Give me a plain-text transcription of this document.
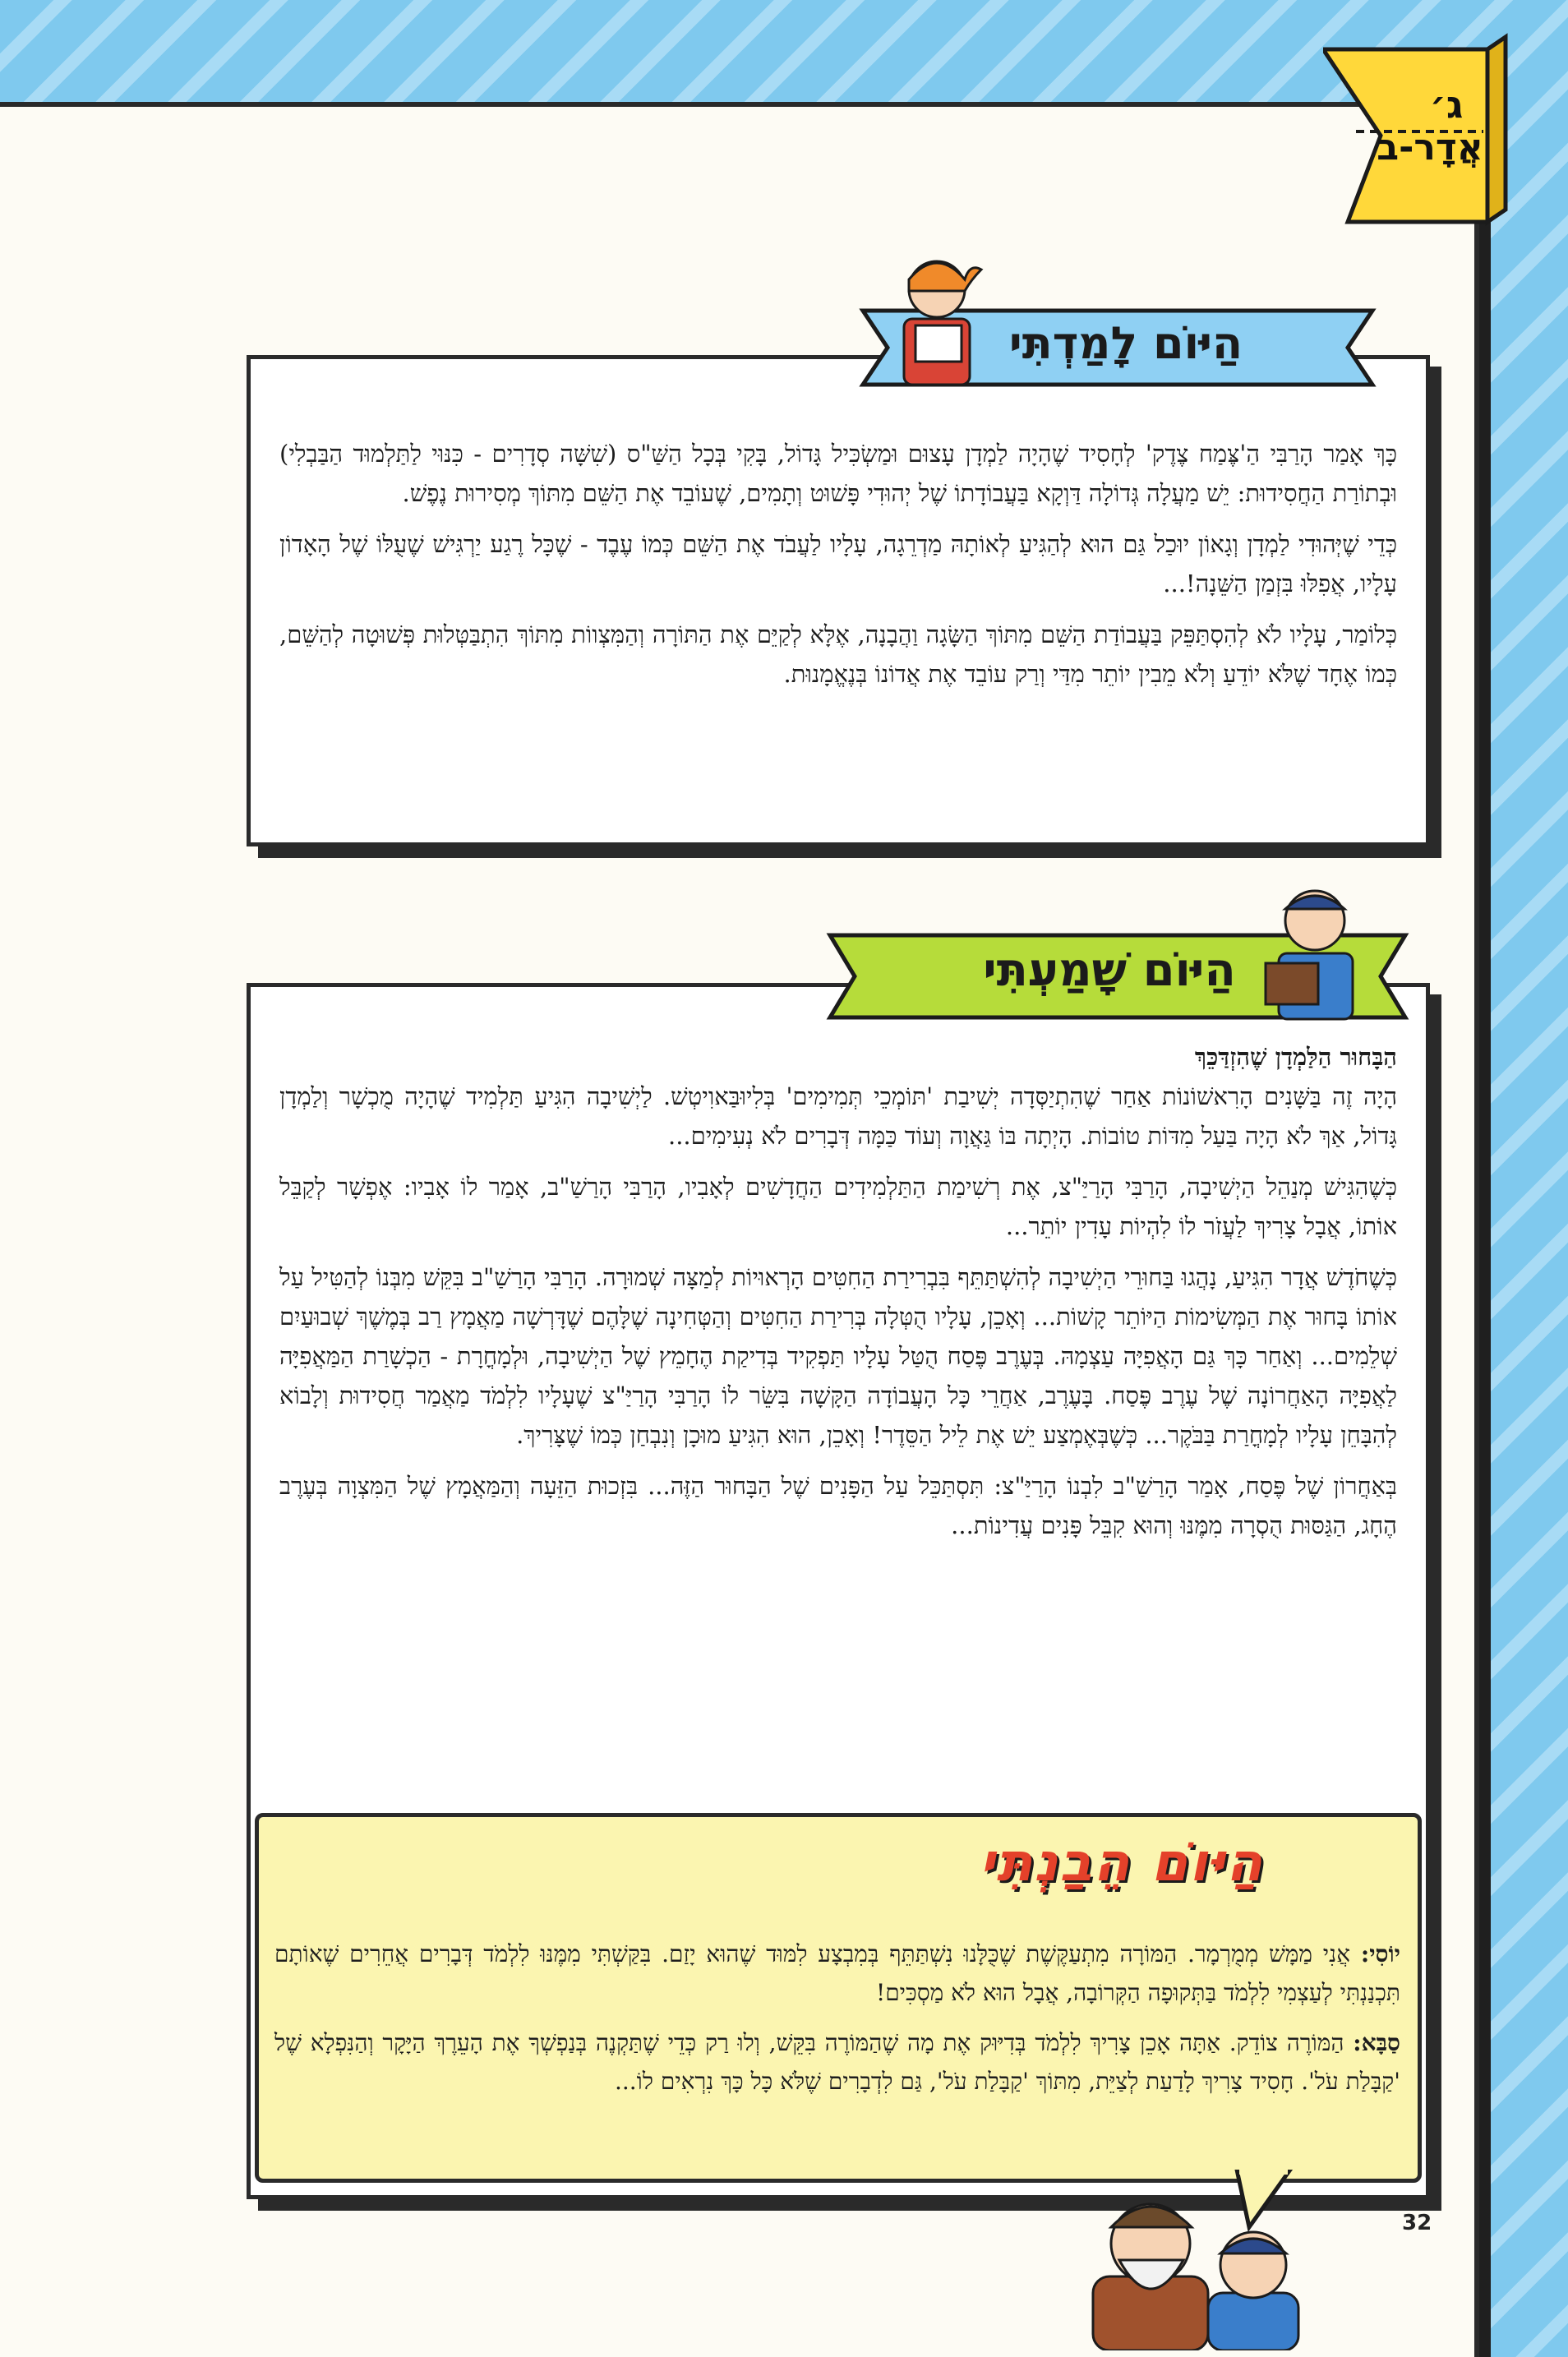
ג׳
אֲדָר-ב
הַיּוֹם לָמַדְתִּי

כָּךְ אָמַר הָרַבִּי הַ'צֶּמַח צֶדֶק' לְחָסִיד שֶׁהָיָה לַמְדָן עָצוּם וּמַשְׂכִּיל גָּדוֹל, בָּקִי בְּכָל הַשַּׁ"ס (שִׁשָּׁה סְדָרִים - כִּנּוּי לַתַּלְמוּד הַבַּבְלִי) וּבְתוֹרַת הַחֲסִידוּת: יֵשׁ מַעֲלָה גְּדוֹלָה דַּוְקָא בַּעֲבוֹדָתוֹ שֶׁל יְהוּדִי פָּשׁוּט וְתָמִים, שֶׁעוֹבֵד אֶת הַשֵּׁם מִתּוֹךְ מְסִירוּת נֶפֶשׁ.

כְּדֵי שֶׁיְּהוּדִי לַמְדָן וְגָאוֹן יוּכַל גַּם הוּא לְהַגִּיעַ לְאוֹתָהּ מַדְרֵגָה, עָלָיו לַעֲבֹד אֶת הַשֵּׁם כְּמוֹ עֶבֶד - שֶׁכָּל רֶגַע יַרְגִּישׁ שֶׁעֻלּוֹ שֶׁל הָאָדוֹן עָלָיו, אֲפִלּוּ בִּזְמַן הַשֵּׁנָה!...

כְּלוֹמַר, עָלָיו לֹא לְהִסְתַּפֵּק בַּעֲבוֹדַת הַשֵּׁם מִתּוֹךְ הַשָּׂגָה וַהֲבָנָה, אֶלָּא לְקַיֵּם אֶת הַתּוֹרָה וְהַמִּצְווֹת מִתּוֹךְ הִתְבַּטְּלוּת פְּשׁוּטָה לְהַשֵּׁם, כְּמוֹ אֶחָד שֶׁלֹּא יוֹדֵעַ וְלֹא מֵבִין יוֹתֵר מִדַּי וְרַק עוֹבֵד אֶת אֲדוֹנוֹ בְּנֶאֱמָנוּת.

הַיּוֹם שָׁמַעְתִּי

הַבָּחוּר הַלַּמְדָן שֶׁהִזְדַּכֵּךְ

הָיָה זֶה בַּשָּׁנִים הָרִאשׁוֹנוֹת אַחַר שֶׁהִתְיַסְּדָה יְשִׁיבַת 'תּוֹמְכֵי תְּמִימִים' בְּלִיוּבַּאוִיטְשׁ. לַיְשִׁיבָה הִגִּיעַ תַּלְמִיד שֶׁהָיָה מֻכְשָׁר וְלַמְדָן גָּדוֹל, אַךְ לֹא הָיָה בַּעַל מִדּוֹת טוֹבוֹת. הָיְתָה בּוֹ גַּאֲוָה וְעוֹד כַּמָּה דְּבָרִים לֹא נְעִימִים...

כְּשֶׁהִגִּישׁ מְנַהֵל הַיְשִׁיבָה, הָרַבִּי הָרַיַּ"צ, אֶת רְשִׁימַת הַתַּלְמִידִים הַחֲדָשִׁים לְאָבִיו, הָרַבִּי הָרַשַׁ"ב, אָמַר לוֹ אָבִיו: אֶפְשָׁר לְקַבֵּל אוֹתוֹ, אֲבָל צָרִיךְ לַעֲזֹר לוֹ לִהְיוֹת עָדִין יוֹתֵר...

כְּשֶׁחֹדֶשׁ אֲדָר הִגִּיעַ, נָהֲגוּ בַּחוּרֵי הַיְשִׁיבָה לְהִשְׁתַּתֵּף בִּבְרִירַת הַחִטִּים הָרְאוּיוֹת לְמַצָּה שְׁמוּרָה. הָרַבִּי הָרַשַׁ"ב בִּקֵּשׁ מִבְּנוֹ לְהַטִּיל עַל אוֹתוֹ בָּחוּר אֶת הַמְּשִׂימוֹת הַיּוֹתֵר קָשׁוֹת... וְאָכֵן, עָלָיו הֻטְּלָה בְּרִירַת הַחִטִּים וְהַטְּחִינָה שֶׁלָּהֶם שֶׁדָּרְשָׁה מַאֲמָץ רַב בְּמֶשֶׁךְ שְׁבוּעַיִם שְׁלֵמִים... וְאַחַר כָּךְ גַּם הָאֲפִיָּה עַצְמָהּ. בְּעֶרֶב פֶּסַח הֻטַּל עָלָיו תַּפְקִיד בְּדִיקַת הֶחָמֵץ שֶׁל הַיְשִׁיבָה, וּלְמָחֳרָת - הַכְשָׁרַת הַמַּאֲפִיָּה לַאֲפִיָּה הָאַחֲרוֹנָה שֶׁל עֶרֶב פֶּסַח. בָּעֶרֶב, אַחֲרֵי כָּל הָעֲבוֹדָה הַקָּשָׁה בִּשֵּׂר לוֹ הָרַבִּי הָרַיַּ"צ שֶׁעָלָיו לִלְמֹד מַאֲמַר חֲסִידוּת וְלָבוֹא לְהִבָּחֵן עָלָיו לְמָחֳרַת בַּבֹּקֶר... כְּשֶׁבְּאֶמְצַע יֵשׁ אֶת לֵיל הַסֵּדֶר! וְאָכֵן, הוּא הִגִּיעַ מוּכָן וְנִבְחַן כְּמוֹ שֶׁצָּרִיךְ.

בְּאַחֲרוֹן שֶׁל פֶּסַח, אָמַר הָרַשַׁ"ב לִבְנוֹ הָרַיַּ"צ: תִּסְתַּכֵּל עַל הַפָּנִים שֶׁל הַבָּחוּר הַזֶּה... בִּזְכוּת הַזֵּעָה וְהַמַּאֲמָץ שֶׁל הַמִּצְוָה בְּעֶרֶב הֶחָג, הַגַּסּוּת הֻסְרָה מִמֶּנּוּ וְהוּא קִבֵּל פָּנִים עֲדִינוֹת...

הַיּוֹם הֵבַנְתִּי

יוֹסִי: אֲנִי מַמָּשׁ מְמֻרְמָר. הַמּוֹרָה מִתְעַקֶּשֶׁת שֶׁכֻּלָּנוּ נִשְׁתַּתֵּף בְּמִבְצָע לִמּוּד שֶׁהוּא יָזַם. בִּקַּשְׁתִּי מִמֶּנּוּ לִלְמֹד דְּבָרִים אֲחֵרִים שֶׁאוֹתָם תִּכְנַנְתִּי לְעַצְמִי לִלְמֹד בַּתְּקוּפָה הַקְּרוֹבָה, אֲבָל הוּא לֹא מַסְכִּים!

סַבָּא: הַמּוֹרֶה צוֹדֵק. אַתָּה אָכֵן צָרִיךְ לִלְמֹד בְּדִיּוּק אֶת מָה שֶׁהַמּוֹרֶה בִּקֵּשׁ, וְלוּ רַק כְּדֵי שֶׁתַּקְנֶה בְּנַפְשְׁךָ אֶת הָעֵרֶךְ הַיָּקָר וְהַנִּפְלָא שֶׁל 'קַבָּלַת עֹל'. חָסִיד צָרִיךְ לָדַעַת לְצַיֵּת, מִתּוֹךְ 'קַבָּלַת עֹל', גַּם לִדְבָרִים שֶׁלֹּא כָּל כָּךְ נִרְאִים לוֹ...

32
